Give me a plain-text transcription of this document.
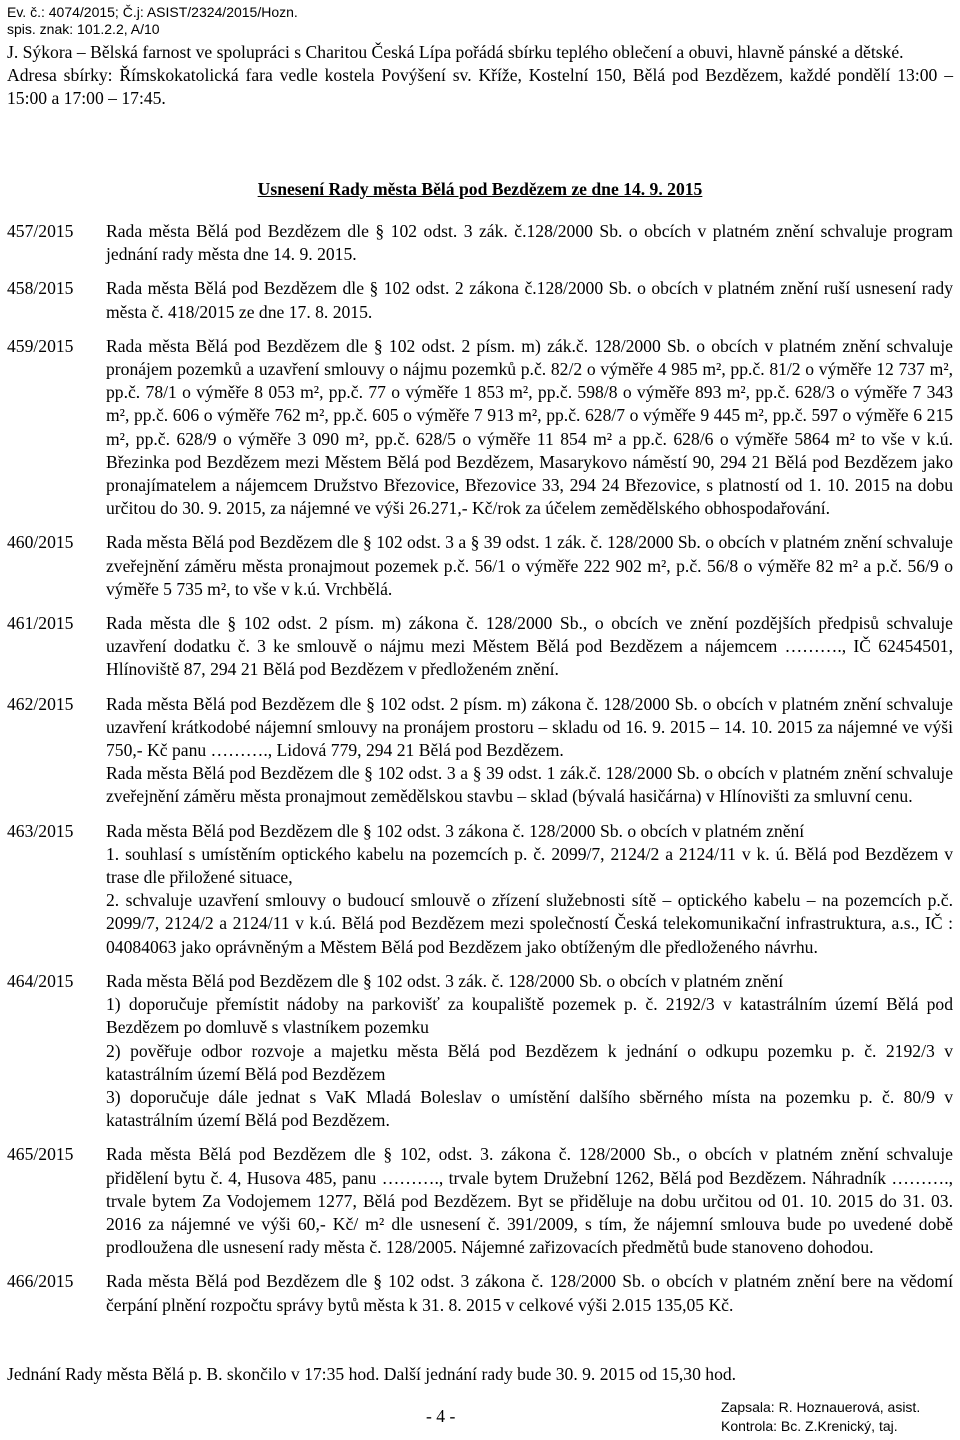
Ev. č.: 4074/2015; Č.j: ASIST/2324/2015/Hozn.
spis. znak: 101.2.2, A/10

J. Sýkora – Bělská farnost ve spolupráci s Charitou Česká Lípa pořádá sbírku teplého oblečení a obuvi, hlavně pánské a dětské.

Adresa sbírky: Římskokatolická fara vedle kostela Povýšení sv. Kříže, Kostelní 150, Bělá pod Bezdězem, každé pondělí 13:00 – 15:00 a 17:00 – 17:45.

Usnesení Rady města Bělá pod Bezdězem ze dne 14. 9. 2015
457/2015	Rada města Bělá pod Bezdězem dle § 102 odst. 3 zák. č.128/2000 Sb. o obcích v platném znění schvaluje program jednání rady města dne 14. 9. 2015.

458/2015	Rada města Bělá pod Bezdězem dle § 102 odst. 2 zákona č.128/2000 Sb. o obcích v platném znění ruší usnesení rady města č. 418/2015 ze dne 17. 8. 2015.

459/2015	Rada města Bělá pod Bezdězem dle § 102 odst. 2 písm. m) zák.č. 128/2000 Sb. o obcích v platném znění schvaluje pronájem pozemků a uzavření smlouvy o nájmu pozemků p.č. 82/2 o výměře 4 985 m², pp.č. 81/2 o výměře 12 737 m², pp.č. 78/1 o výměře 8 053 m², pp.č. 77 o výměře 1 853 m², pp.č. 598/8 o výměře 893 m², pp.č. 628/3 o výměře 7 343 m², pp.č. 606 o výměře 762 m², pp.č. 605 o výměře 7 913 m², pp.č. 628/7 o výměře 9 445 m², pp.č. 597 o výměře 6 215 m², pp.č. 628/9 o výměře 3 090 m², pp.č. 628/5 o výměře 11 854 m² a pp.č. 628/6 o výměře 5864 m² to vše v k.ú. Březinka pod Bezdězem mezi Městem Bělá pod Bezdězem, Masarykovo náměstí 90, 294 21 Bělá pod Bezdězem jako pronajímatelem a nájemcem Družstvo Březovice, Březovice 33, 294 24 Březovice, s platností od 1. 10. 2015 na dobu určitou do 30. 9. 2015, za nájemné ve výši 26.271,- Kč/rok za účelem zemědělského obhospodařování.

460/2015	Rada města Bělá pod Bezdězem dle § 102 odst. 3 a § 39 odst. 1 zák. č. 128/2000 Sb. o obcích v platném znění schvaluje zveřejnění záměru města pronajmout pozemek p.č. 56/1 o výměře 222 902 m², p.č. 56/8 o výměře 82 m² a p.č. 56/9 o výměře 5 735 m², to vše v k.ú. Vrchbělá.

461/2015	Rada města dle § 102 odst. 2 písm. m) zákona č. 128/2000 Sb., o obcích ve znění pozdějších předpisů schvaluje uzavření dodatku č. 3 ke smlouvě o nájmu mezi Městem Bělá pod Bezdězem a nájemcem ………., IČ 62454501, Hlínoviště 87, 294 21 Bělá pod Bezdězem v předloženém znění.

462/2015	Rada města Bělá pod Bezdězem dle § 102 odst. 2 písm. m) zákona č. 128/2000 Sb. o obcích v platném znění schvaluje uzavření krátkodobé nájemní smlouvy na pronájem prostoru – skladu od 16. 9. 2015 – 14. 10. 2015 za nájemné ve výši 750,- Kč panu ………., Lidová 779, 294 21 Bělá pod Bezdězem.

Rada města Bělá pod Bezdězem dle § 102 odst. 3 a § 39 odst. 1 zák.č. 128/2000 Sb. o obcích v platném znění schvaluje zveřejnění záměru města pronajmout zemědělskou stavbu – sklad (bývalá hasičárna) v Hlínovišti za smluvní cenu.

463/2015	Rada města Bělá pod Bezdězem dle § 102 odst. 3 zákona č. 128/2000 Sb. o obcích v platném znění

1. souhlasí s umístěním optického kabelu na pozemcích p. č. 2099/7, 2124/2 a 2124/11 v k. ú. Bělá pod Bezdězem v trase dle přiložené situace,

2. schvaluje uzavření smlouvy o budoucí smlouvě o zřízení služebnosti sítě – optického kabelu – na pozemcích p.č. 2099/7, 2124/2 a 2124/11 v k.ú. Bělá pod Bezdězem mezi společností Česká telekomunikační infrastruktura, a.s., IČ : 04084063 jako oprávněným a Městem Bělá pod Bezdězem jako obtíženým dle předloženého návrhu.

464/2015	Rada města Bělá pod Bezdězem dle § 102 odst. 3 zák. č. 128/2000 Sb. o obcích v platném znění

1) doporučuje přemístit nádoby na parkovišť za koupaliště pozemek p. č. 2192/3 v katastrálním území Bělá pod Bezdězem po domluvě s vlastníkem pozemku

2) pověřuje odbor rozvoje a majetku města Bělá pod Bezdězem k jednání o odkupu pozemku p. č. 2192/3 v katastrálním území Bělá pod Bezdězem

3) doporučuje dále jednat s VaK Mladá Boleslav o umístění dalšího sběrného místa na pozemku p. č. 80/9 v katastrálním území Bělá pod Bezdězem.

465/2015	Rada města Bělá pod Bezdězem dle § 102, odst. 3. zákona č. 128/2000 Sb., o obcích v platném znění schvaluje přidělení bytu č. 4, Husova 485, panu ………., trvale bytem Družební 1262, Bělá pod Bezdězem. Náhradník ………., trvale bytem Za Vodojemem 1277, Bělá pod Bezdězem. Byt se přiděluje na dobu určitou od 01. 10. 2015 do 31. 03. 2016 za nájemné ve výši 60,- Kč/ m² dle usnesení č. 391/2009, s tím, že nájemní smlouva bude po uvedené době prodloužena dle usnesení rady města č. 128/2005. Nájemné zařizovacích předmětů bude stanoveno dohodou.

466/2015	Rada města Bělá pod Bezdězem dle § 102 odst. 3 zákona č. 128/2000 Sb. o obcích v platném znění bere na vědomí čerpání plnění rozpočtu správy bytů města k 31. 8. 2015 v celkové výši 2.015 135,05 Kč.

Jednání Rady města Bělá p. B. skončilo v 17:35 hod. Další jednání rady bude 30. 9. 2015 od 15,30 hod.
- 4 -	Zapsala: R. Hoznauerová, asist.
Kontrola: Bc. Z.Krenický, taj.
